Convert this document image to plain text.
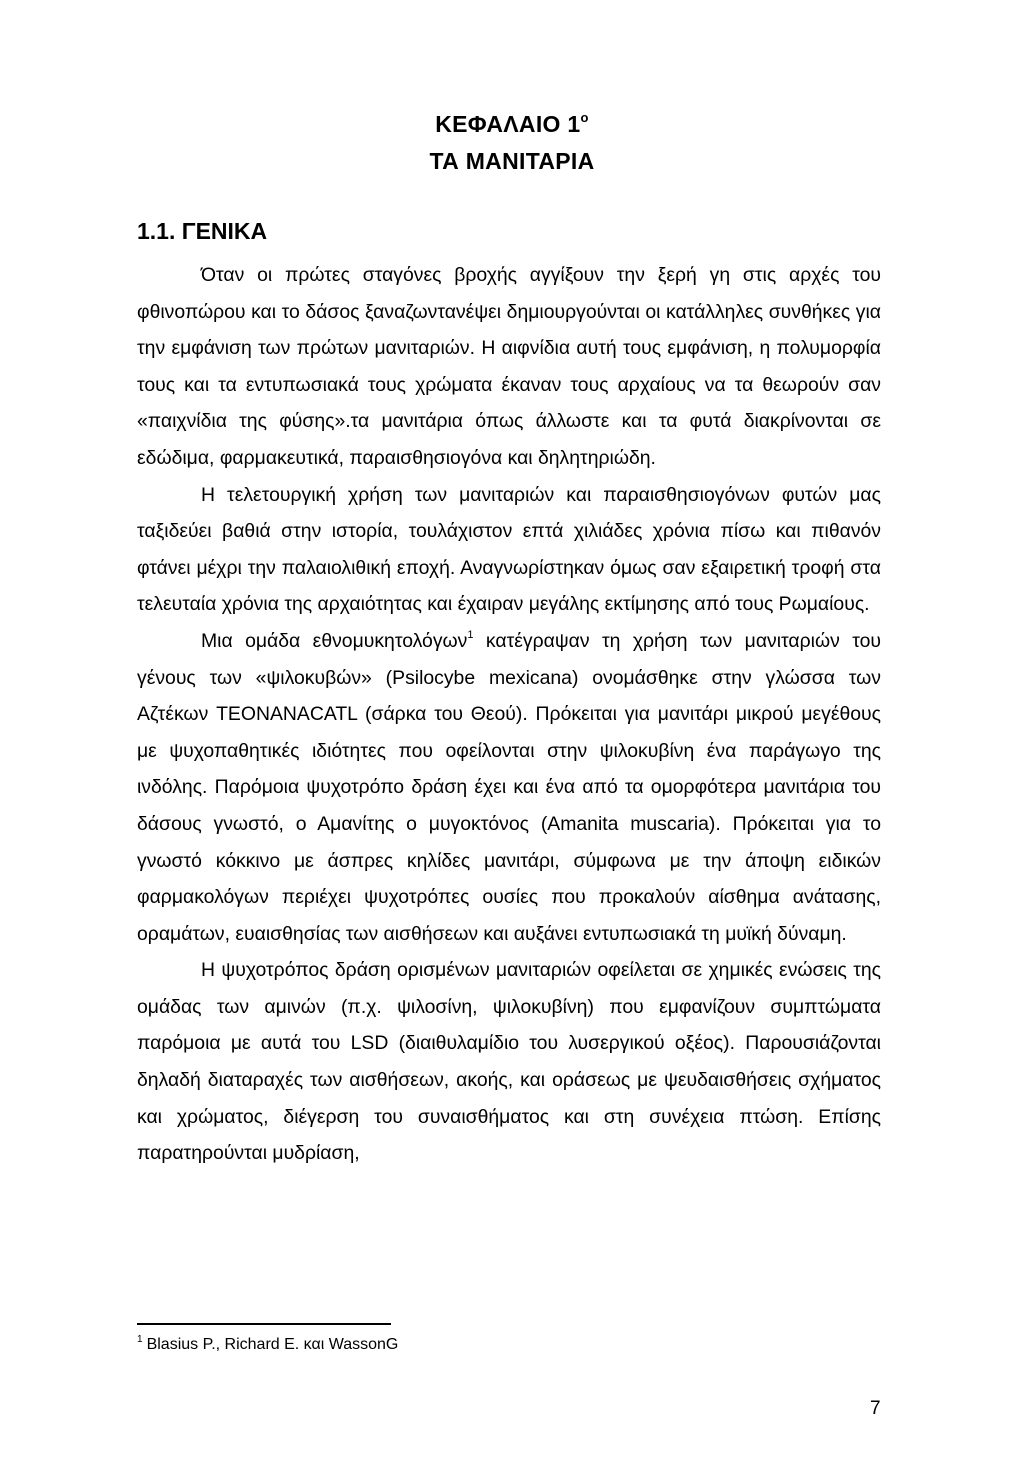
ΚΕΦΑΛΑΙΟ $1^o$
ΤΑ ΜΑΝΙΤΑΡΙΑ
1.1. ΓΕΝΙΚΑ

Όταν οι πρώτες σταγόνες βροχής αγγίξουν την ξερή γη στις αρχές του φθινοπώρου και το δάσος ξαναζωντανέψει δημιουργούνται οι κατάλληλες συνθήκες για την εμφάνιση των πρώτων μανιταριών. Η αιφνίδια αυτή τους εμφάνιση, η πολυμορφία τους και τα εντυπωσιακά τους χρώματα έκαναν τους αρχαίους να τα θεωρούν σαν «παιχνίδια της φύσης».τα μανιτάρια όπως άλλωστε και τα φυτά διακρίνονται σε εδώδιμα, φαρμακευτικά, παραισθησιογόνα και δηλητηριώδη.

Η τελετουργική χρήση των μανιταριών και παραισθησιογόνων φυτών μας ταξιδεύει βαθιά στην ιστορία, τουλάχιστον επτά χιλιάδες χρόνια πίσω και πιθανόν φτάνει μέχρι την παλαιολιθική εποχή. Αναγνωρίστηκαν όμως σαν εξαιρετική τροφή στα τελευταία χρόνια της αρχαιότητας και έχαιραν μεγάλης εκτίμησης από τους Ρωμαίους.

Μια ομάδα εθνομυκητολόγων$^1$ κατέγραψαν τη χρήση των μανιταριών του γένους των «ψιλοκυβών» (Psilocybe mexicana) ονομάσθηκε στην γλώσσα των Αζτέκων TEONANACATL (σάρκα του Θεού). Πρόκειται για μανιτάρι μικρού μεγέθους με ψυχοπαθητικές ιδιότητες που οφείλονται στην ψιλοκυβίνη ένα παράγωγο της ινδόλης. Παρόμοια ψυχοτρόπο δράση έχει και ένα από τα ομορφότερα μανιτάρια του δάσους γνωστό, ο Αμανίτης ο μυγοκτόνος (Amanita muscaria). Πρόκειται για το γνωστό κόκκινο με άσπρες κηλίδες μανιτάρι, σύμφωνα με την άποψη ειδικών φαρμακολόγων περιέχει ψυχοτρόπες ουσίες που προκαλούν αίσθημα ανάτασης, οραμάτων, ευαισθησίας των αισθήσεων και αυξάνει εντυπωσιακά τη μυϊκή δύναμη.

Η ψυχοτρόπος δράση ορισμένων μανιταριών οφείλεται σε χημικές ενώσεις της ομάδας των αμινών (π.χ. ψιλοσίνη, ψιλοκυβίνη) που εμφανίζουν συμπτώματα παρόμοια με αυτά του LSD (διαιθυλαμίδιο του λυσεργικού οξέος). Παρουσιάζονται δηλαδή διαταραχές των αισθήσεων, ακοής, και οράσεως με ψευδαισθήσεις σχήματος και χρώματος, διέγερση του συναισθήματος και στη συνέχεια πτώση. Επίσης παρατηρούνται μυδρίαση,

$^1$ Blasius P., Richard E. και WassonG
7
